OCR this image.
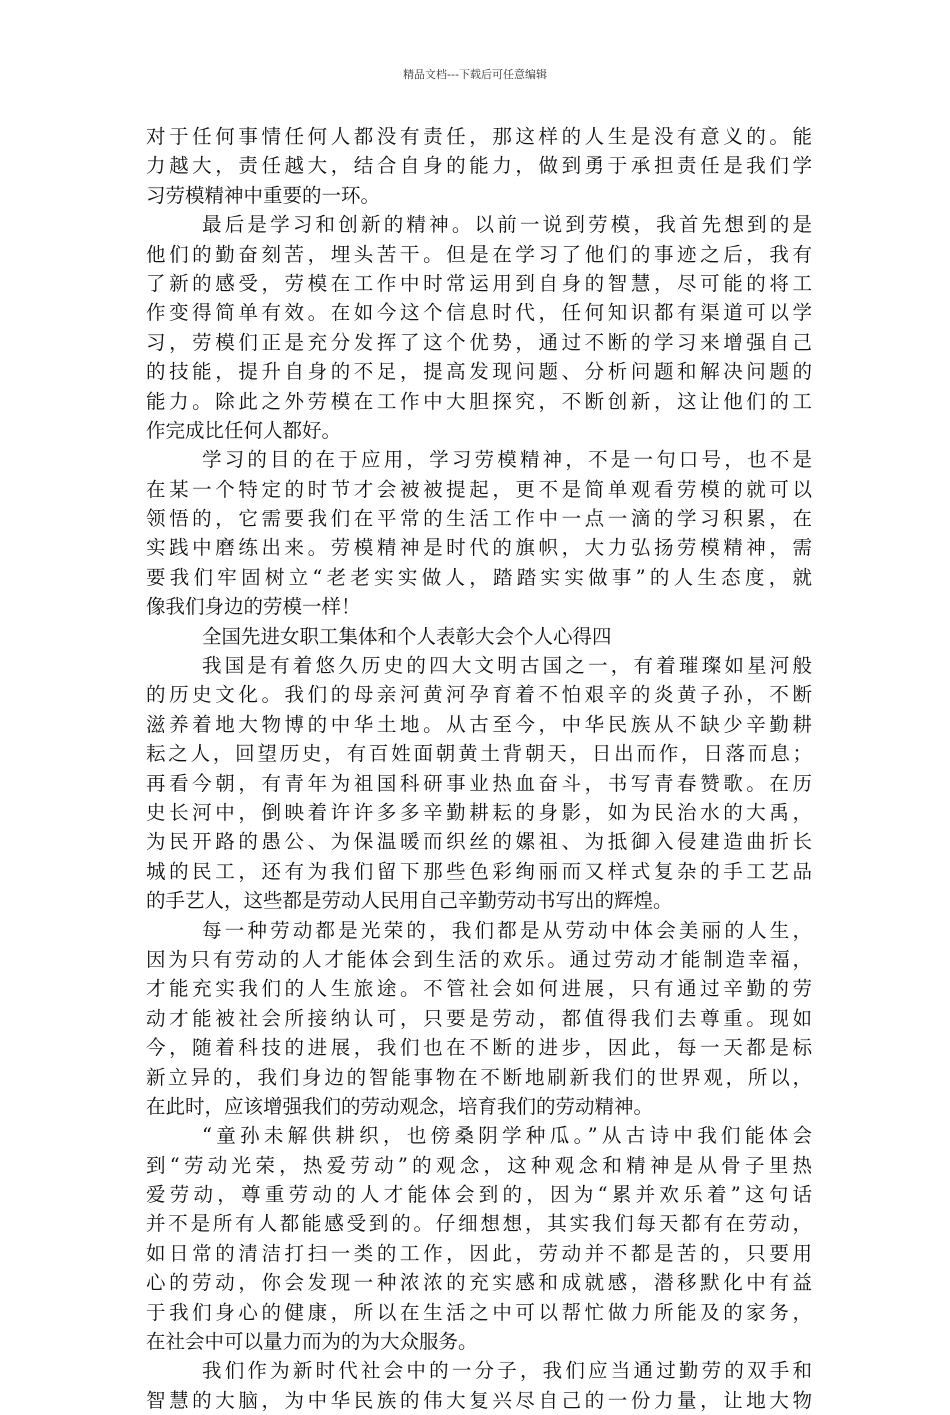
精品文档---下载后可任意编辑
对于任何事情任何人都没有责任，那这样的人生是没有意义的。能
力越大，责任越大，结合自身的能力，做到勇于承担责任是我们学
习劳模精神中重要的一环。
最后是学习和创新的精神。以前一说到劳模，我首先想到的是
他们的勤奋刻苦，埋头苦干。但是在学习了他们的事迹之后，我有
了新的感受，劳模在工作中时常运用到自身的智慧，尽可能的将工
作变得简单有效。在如今这个信息时代，任何知识都有渠道可以学
习，劳模们正是充分发挥了这个优势，通过不断的学习来增强自己
的技能，提升自身的不足，提高发现问题、分析问题和解决问题的
能力。除此之外劳模在工作中大胆探究，不断创新，这让他们的工
作完成比任何人都好。
学习的目的在于应用，学习劳模精神，不是一句口号，也不是
在某一个特定的时节才会被被提起，更不是简单观看劳模的就可以
领悟的，它需要我们在平常的生活工作中一点一滴的学习积累，在
实践中磨练出来。劳模精神是时代的旗帜，大力弘扬劳模精神，需
要我们牢固树立“老老实实做人，踏踏实实做事”的人生态度，就
像我们身边的劳模一样！
全国先进女职工集体和个人表彰大会个人心得四
我国是有着悠久历史的四大文明古国之一，有着璀璨如星河般
的历史文化。我们的母亲河黄河孕育着不怕艰辛的炎黄子孙，不断
滋养着地大物博的中华土地。从古至今，中华民族从不缺少辛勤耕
耘之人，回望历史，有百姓面朝黄土背朝天，日出而作，日落而息；
再看今朝，有青年为祖国科研事业热血奋斗，书写青春赞歌。在历
史长河中，倒映着许许多多辛勤耕耘的身影，如为民治水的大禹，
为民开路的愚公、为保温暖而织丝的嫘祖、为抵御入侵建造曲折长
城的民工，还有为我们留下那些色彩绚丽而又样式复杂的手工艺品
的手艺人，这些都是劳动人民用自己辛勤劳动书写出的辉煌。
每一种劳动都是光荣的，我们都是从劳动中体会美丽的人生，
因为只有劳动的人才能体会到生活的欢乐。通过劳动才能制造幸福，
才能充实我们的人生旅途。不管社会如何进展，只有通过辛勤的劳
动才能被社会所接纳认可，只要是劳动，都值得我们去尊重。现如
今，随着科技的进展，我们也在不断的进步，因此，每一天都是标
新立异的，我们身边的智能事物在不断地刷新我们的世界观，所以，
在此时，应该增强我们的劳动观念，培育我们的劳动精神。
“童孙未解供耕织，也傍桑阴学种瓜。”从古诗中我们能体会
到“劳动光荣，热爱劳动”的观念，这种观念和精神是从骨子里热
爱劳动，尊重劳动的人才能体会到的，因为“累并欢乐着”这句话
并不是所有人都能感受到的。仔细想想，其实我们每天都有在劳动，
如日常的清洁打扫一类的工作，因此，劳动并不都是苦的，只要用
心的劳动，你会发现一种浓浓的充实感和成就感，潜移默化中有益
于我们身心的健康，所以在生活之中可以帮忙做力所能及的家务，
在社会中可以量力而为的为大众服务。
我们作为新时代社会中的一分子，我们应当通过勤劳的双手和
智慧的大脑，为中华民族的伟大复兴尽自己的一份力量，让地大物
